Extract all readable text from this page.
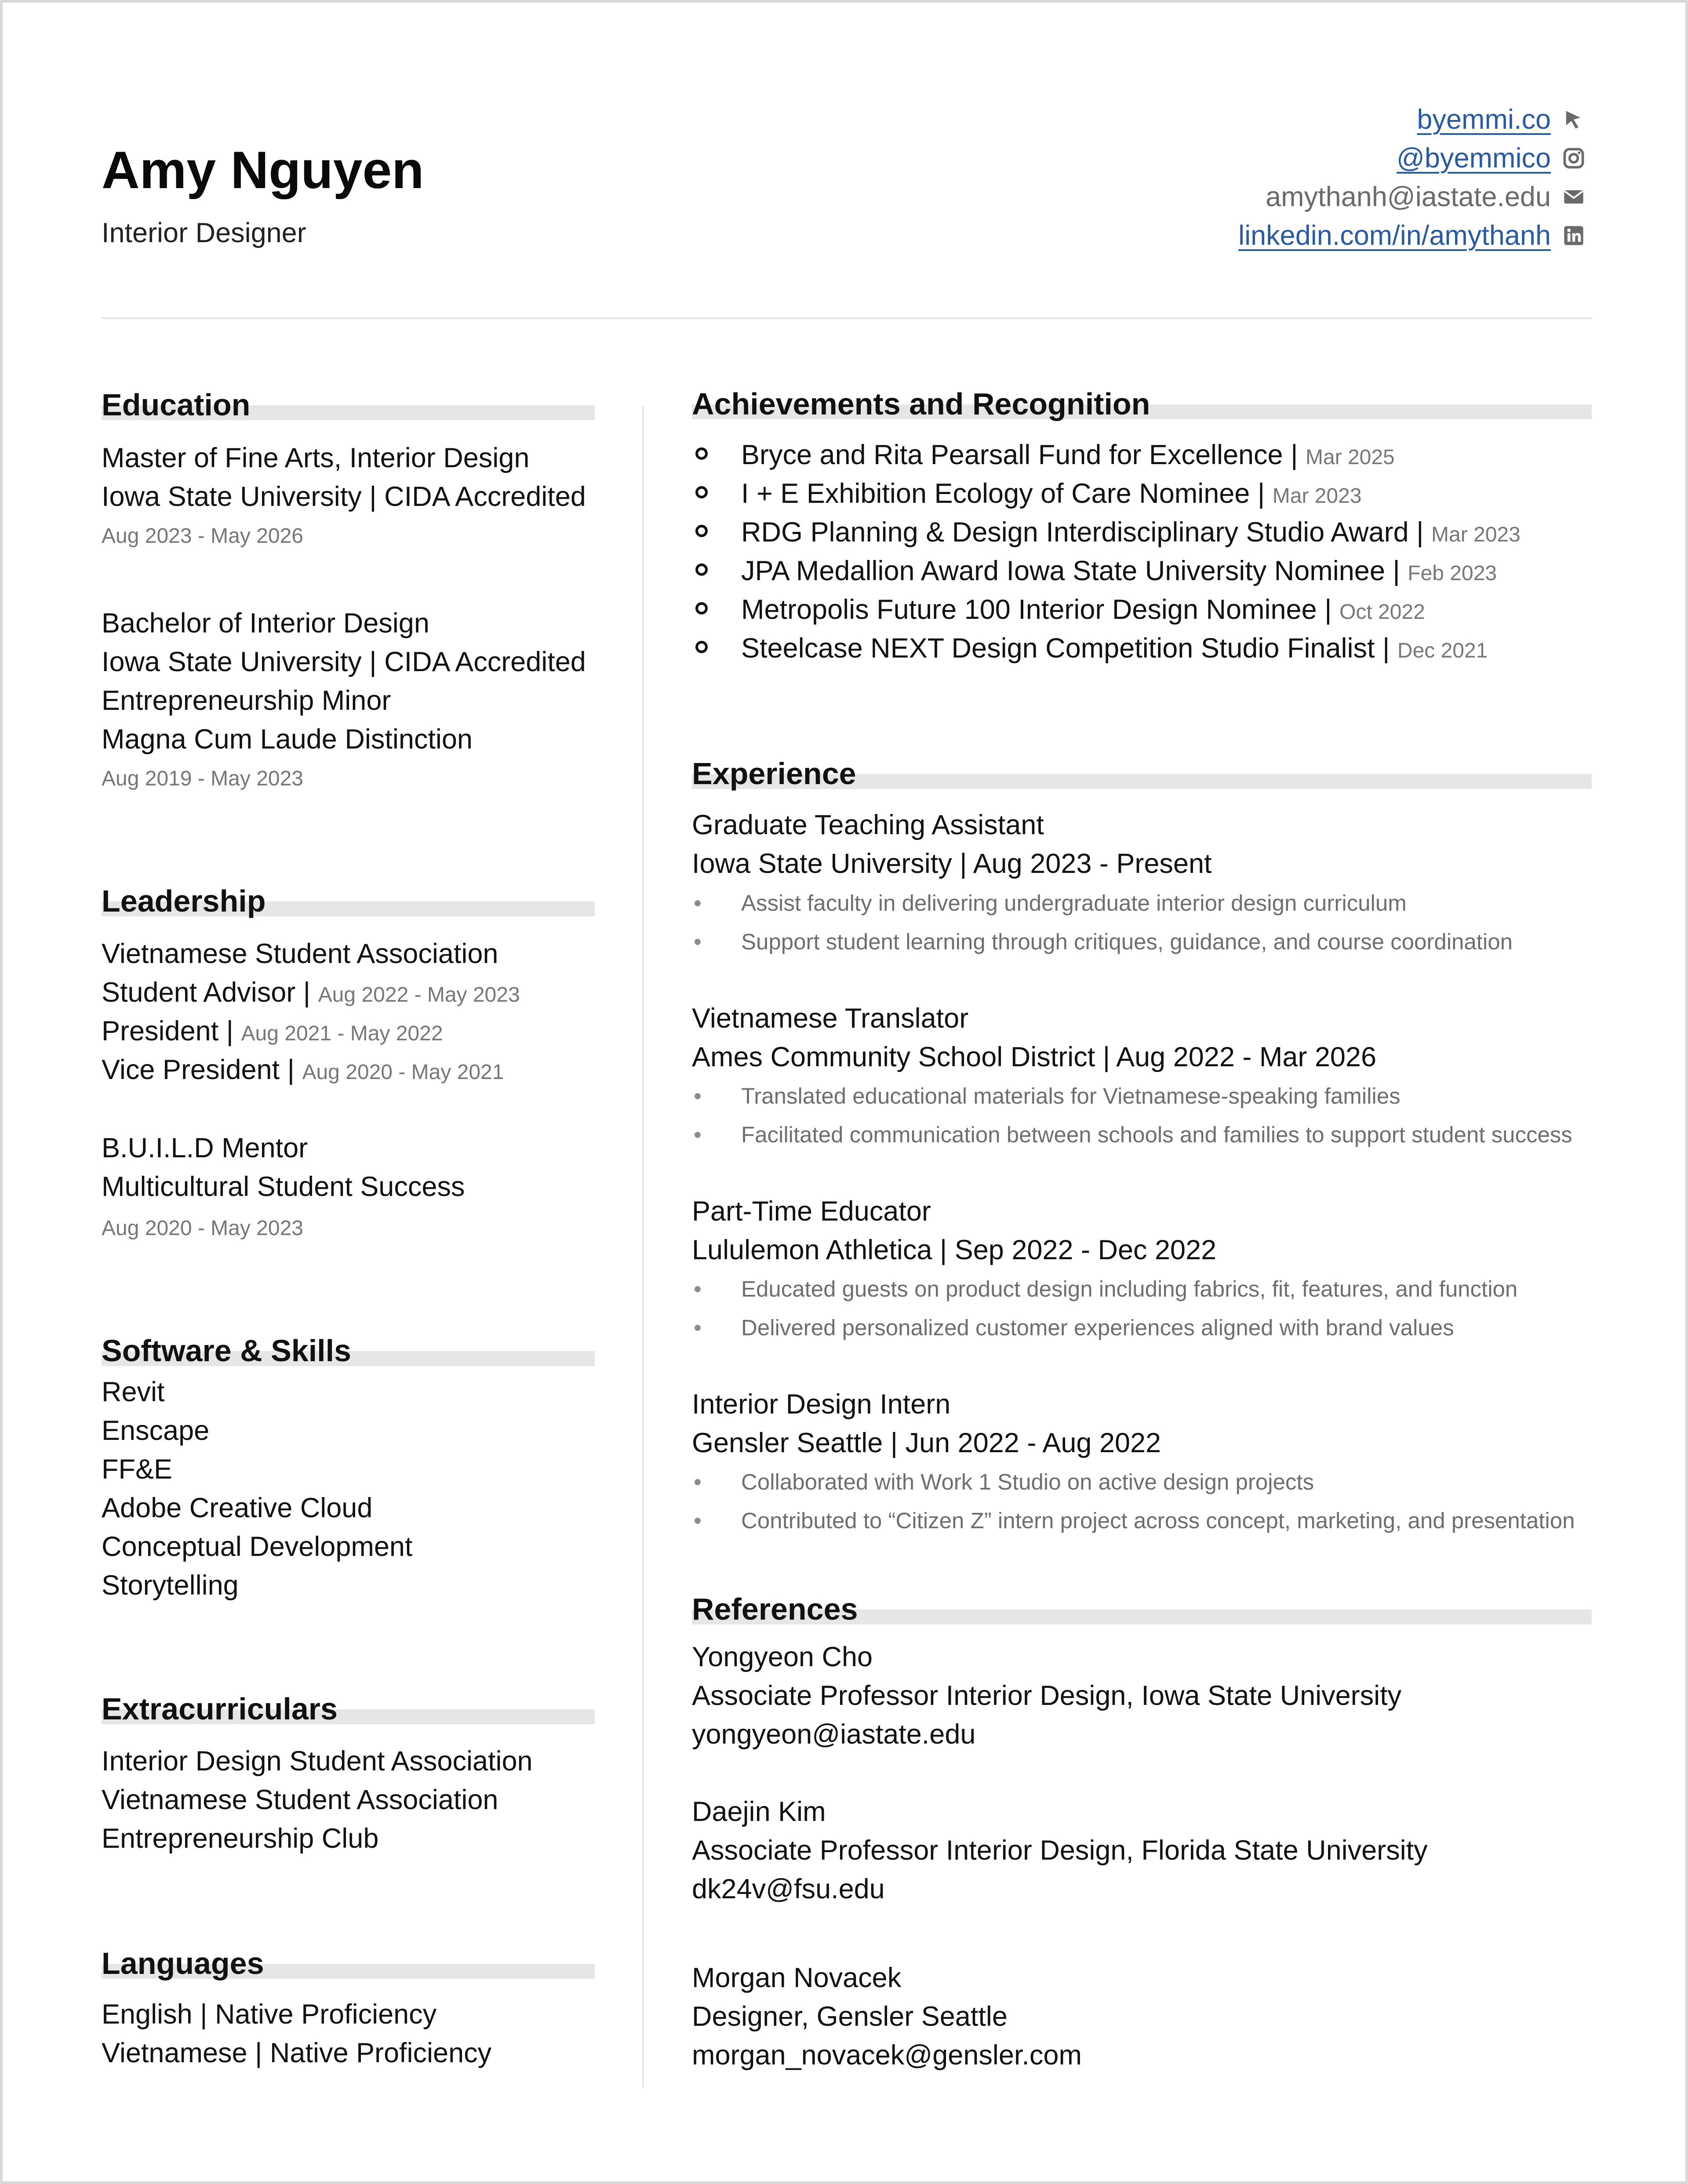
Amy Nguyen
Interior Designer
byemmi.co
@byemmico
amythanh@iastate.edu
linkedin.com/in/amythanh
Education
Master of Fine Arts, Interior Design
Iowa State University | CIDA Accredited
Aug 2023 - May 2026
Bachelor of Interior Design
Iowa State University | CIDA Accredited
Entrepreneurship Minor
Magna Cum Laude Distinction
Aug 2019 - May 2023
Leadership
Vietnamese Student Association
Student Advisor | Aug 2022 - May 2023
President | Aug 2021 - May 2022
Vice President | Aug 2020 - May 2021
B.U.I.L.D Mentor
Multicultural Student Success
Aug 2020 - May 2023
Software & Skills
Revit
Enscape
FF&E
Adobe Creative Cloud
Conceptual Development
Storytelling
Extracurriculars
Interior Design Student Association
Vietnamese Student Association
Entrepreneurship Club
Languages
English | Native Proficiency
Vietnamese | Native Proficiency
Achievements and Recognition
Bryce and Rita Pearsall Fund for Excellence | Mar 2025
I + E Exhibition Ecology of Care Nominee | Mar 2023
RDG Planning & Design Interdisciplinary Studio Award | Mar 2023
JPA Medallion Award Iowa State University Nominee | Feb 2023
Metropolis Future 100 Interior Design Nominee | Oct 2022
Steelcase NEXT Design Competition Studio Finalist | Dec 2021
Experience
Graduate Teaching Assistant
Iowa State University | Aug 2023 - Present
• Assist faculty in delivering undergraduate interior design curriculum
• Support student learning through critiques, guidance, and course coordination
Vietnamese Translator
Ames Community School District | Aug 2022 - Mar 2026
• Translated educational materials for Vietnamese-speaking families
• Facilitated communication between schools and families to support student success
Part-Time Educator
Lululemon Athletica | Sep 2022 - Dec 2022
• Educated guests on product design including fabrics, fit, features, and function
• Delivered personalized customer experiences aligned with brand values
Interior Design Intern
Gensler Seattle | Jun 2022 - Aug 2022
• Collaborated with Work 1 Studio on active design projects
• Contributed to “Citizen Z” intern project across concept, marketing, and presentation
References
Yongyeon Cho
Associate Professor Interior Design, Iowa State University
yongyeon@iastate.edu
Daejin Kim
Associate Professor Interior Design, Florida State University
dk24v@fsu.edu
Morgan Novacek
Designer, Gensler Seattle
morgan_novacek@gensler.com
